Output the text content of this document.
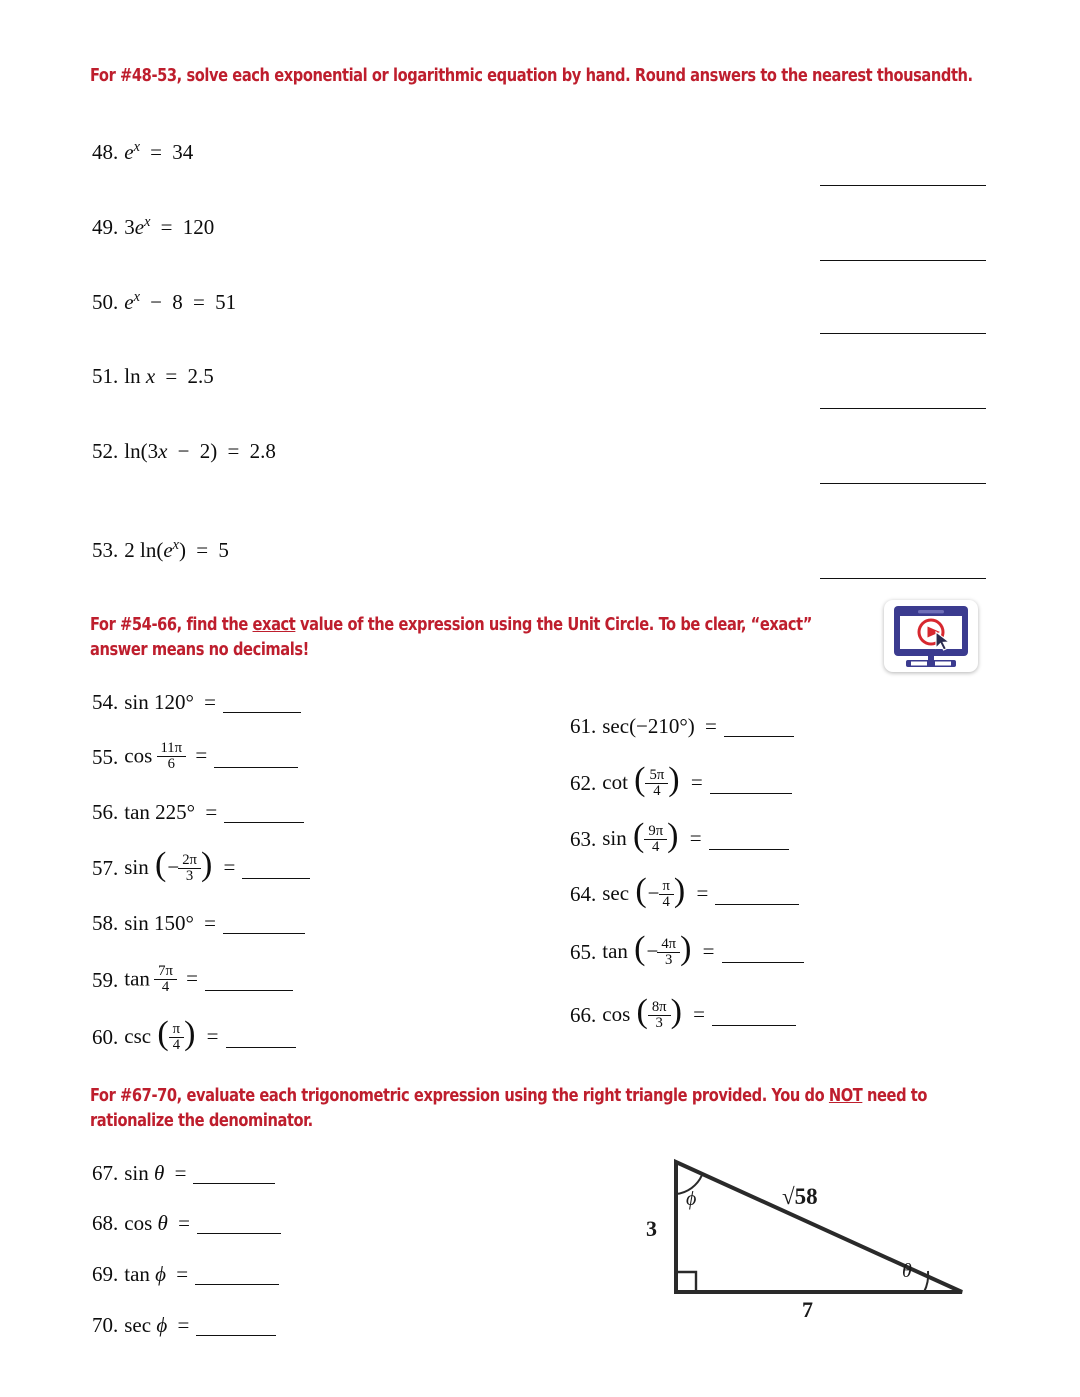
For #48-53, solve each exponential or logarithmic equation by hand. Round answers to the nearest thousandth.
48. $e^x = 34$
49. $3e^x = 120$
50. $e^x - 8 = 51$
51. ln x = 2.5
52. ln(3x − 2) = 2.8
53. 2 $\ln(e^x) = 5$
For #54-66, find the exact value of the expression using the Unit Circle. To be clear, “exact” answer means no decimals!
54. sin 120° =
55. $\cos \frac{11\pi}{6}$ =
56. tan 225° =
57. sin (− $\frac{2\pi}{3}$ ) =
58. sin 150° =
59. $\tan \frac{7\pi}{4}$ =
60. csc ( $\frac{\pi}{4}$ ) =
61. sec(−210°) =
62. cot ( $\frac{5\pi}{4}$ ) =
63. sin ( $\frac{9\pi}{4}$ ) =
64. sec (− $\frac{\pi}{4}$ ) =
65. tan (− $\frac{4\pi}{3}$ ) =
66. cos ( $\frac{8\pi}{3}$ ) =
For #67-70, evaluate each trigonometric expression using the right triangle provided. You do NOT need to rationalize the denominator.
67. sin θ =
68. cos θ =
69. tan ϕ =
70. sec ϕ =
3
7
√58
ϕ
θ
